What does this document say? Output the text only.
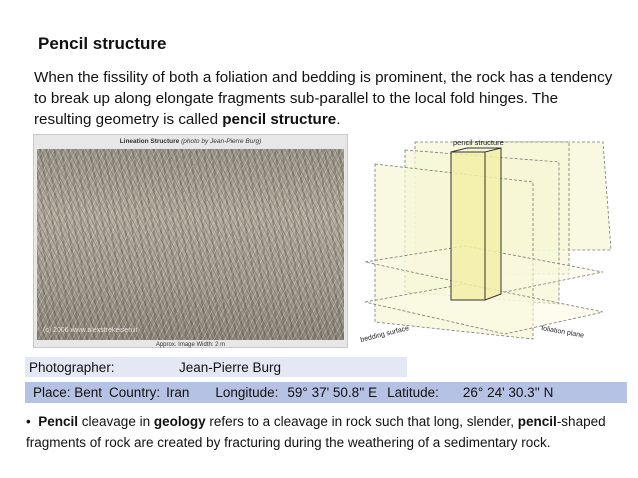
Pencil structure
When the fissility of both a foliation and bedding is prominent, the rock has a tendency to break up along elongate fragments sub-parallel to the local fold hinges. The resulting geometry is called pencil structure.
Lineation Structure (photo by Jean-Pierre Burg)
(c) 2006 www.alexstrekeisen.it
Approx. Image Width: 2 m
pencil structure
bedding surface	foliation plane
Photographer:	Jean-Pierre Burg
Place: Bent Country: Iran Longitude: 59° 37' 50.8'' E Latitude: 26° 24' 30.3'' N
• Pencil cleavage in geology refers to a cleavage in rock such that long, slender, pencil-shaped fragments of rock are created by fracturing during the weathering of a sedimentary rock.
